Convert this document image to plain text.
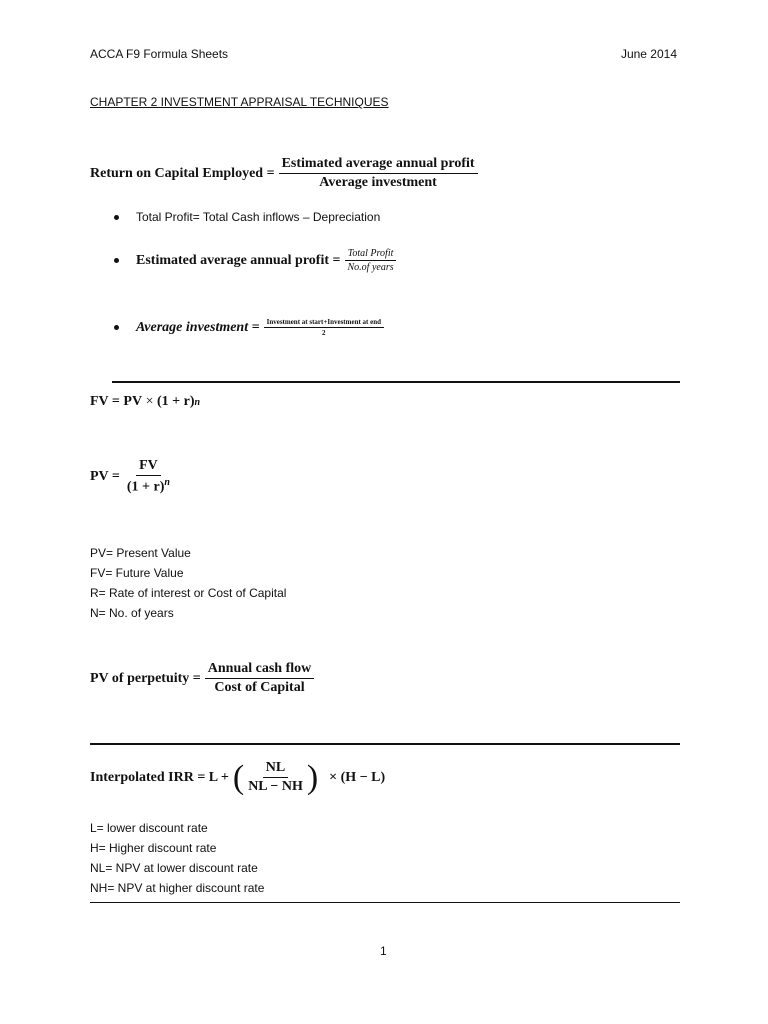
ACCA F9 Formula Sheets	June 2014
CHAPTER 2 INVESTMENT APPRAISAL TECHNIQUES
Return on Capital Employed = $\frac{\text{Estimated average annual profit}}{\text{Average investment}}$
Total Profit= Total Cash inflows – Depreciation
Estimated average annual profit = $\frac{\text{Total Profit}}{\text{No.of years}}$
Average investment = $\frac{\text{Investment at start+Investment at end}}{2}$
FV = PV
×
(1 + r) n
PV = $\frac{FV}{(1 + r)^n}$
PV= Present Value
FV= Future Value
R= Rate of interest or Cost of Capital
N= No. of years
PV of perpetuity = $\frac{\text{Annual cash flow}}{\text{Cost of Capital}}$
Interpolated IRR = L + ( $\frac{NL}{NL - NH}$ ) × (H − L)
L= lower discount rate
H= Higher discount rate
NL= NPV at lower discount rate
NH= NPV at higher discount rate
1
